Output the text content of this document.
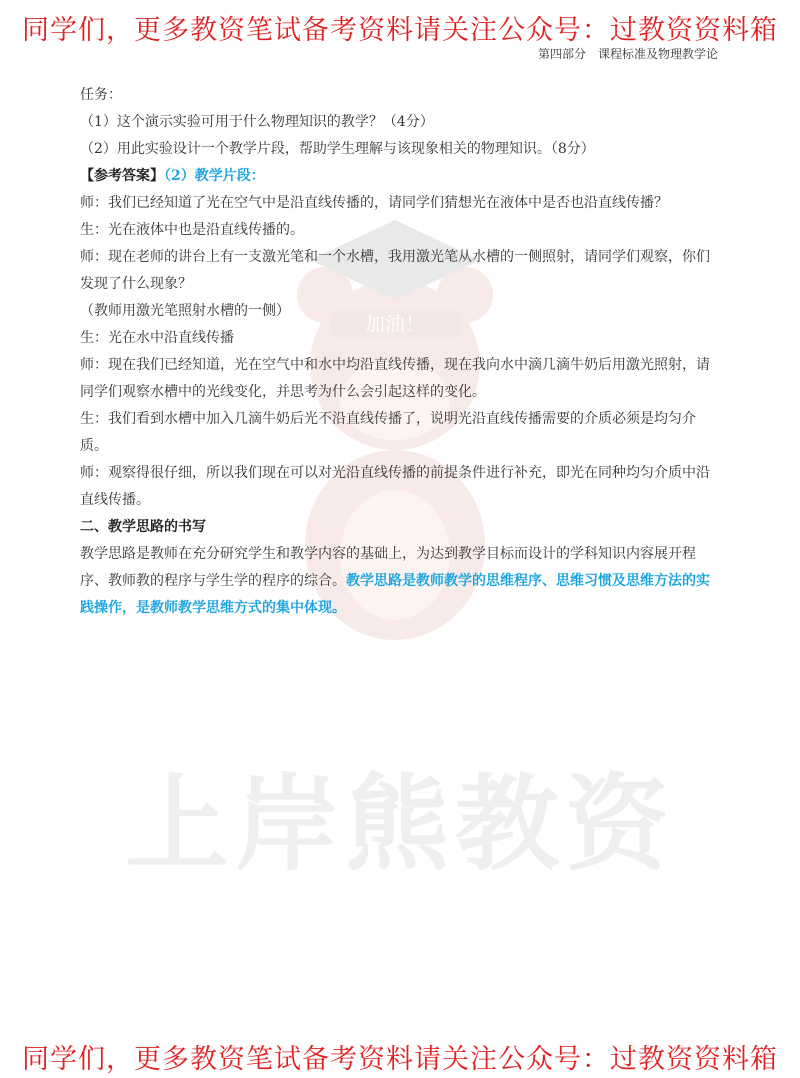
同学们，更多教资笔试备考资料请关注公众号：过教资资料箱
第四部分　课程标准及物理教学论
加油！
上岸熊教资

任务：

（1）这个演示实验可用于什么物理知识的教学？（4分）

（2）用此实验设计一个教学片段，帮助学生理解与该现象相关的物理知识。（8分）

【参考答案】（2）教学片段：

师：我们已经知道了光在空气中是沿直线传播的，请同学们猜想光在液体中是否也沿直线传播？

生：光在液体中也是沿直线传播的。

师：现在老师的讲台上有一支激光笔和一个水槽，我用激光笔从水槽的一侧照射，请同学们观察，你们发现了什么现象？

（教师用激光笔照射水槽的一侧）

生：光在水中沿直线传播

师：现在我们已经知道，光在空气中和水中均沿直线传播，现在我向水中滴几滴牛奶后用激光照射，请同学们观察水槽中的光线变化，并思考为什么会引起这样的变化。

生：我们看到水槽中加入几滴牛奶后光不沿直线传播了，说明光沿直线传播需要的介质必须是均匀介质。

师：观察得很仔细，所以我们现在可以对光沿直线传播的前提条件进行补充，即光在同种均匀介质中沿直线传播。

二、教学思路的书写

教学思路是教师在充分研究学生和教学内容的基础上，为达到教学目标而设计的学科知识内容展开程序、教师教的程序与学生学的程序的综合。教学思路是教师教学的思维程序、思维习惯及思维方法的实践操作，是教师教学思维方式的集中体现。

同学们，更多教资笔试备考资料请关注公众号：过教资资料箱
